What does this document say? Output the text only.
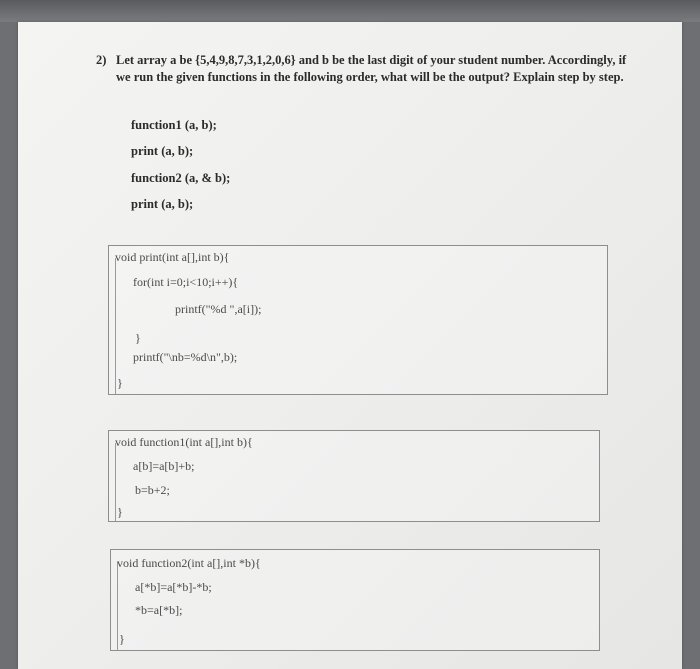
2) Let array a be {5,4,9,8,7,3,1,2,0,6} and b be the last digit of your student number. Accordingly, if we run the given functions in the following order, what will be the output? Explain step by step.
function1 (a, b);
print (a, b);
function2 (a, & b);
print (a, b);
void print(int a[],int b){
for(int i=0;i<10;i++){
printf("%d ",a[i]);
}
printf("\nb=%d\n",b);
}
void function1(int a[],int b){
a[b]=a[b]+b;
b=b+2;
}
void function2(int a[],int *b){
a[*b]=a[*b]-*b;
*b=a[*b];
}
